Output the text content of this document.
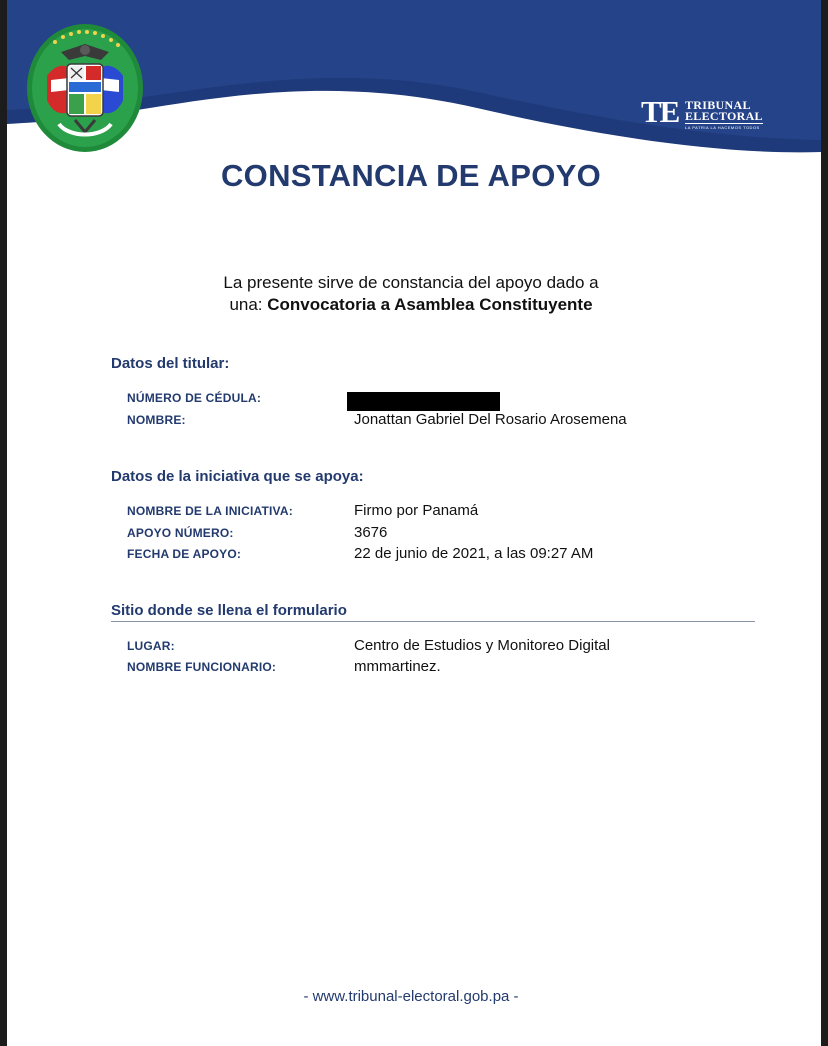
TE TRIBUNAL
ELECTORAL
LA PATRIA LA HACEMOS TODOS
CONSTANCIA DE APOYO
La presente sirve de constancia del apoyo dado a
una: Convocatoria a Asamblea Constituyente
Datos del titular:
NÚMERO DE CÉDULA:
NOMBRE:	Jonattan Gabriel Del Rosario Arosemena
Datos de la iniciativa que se apoya:
NOMBRE DE LA INICIATIVA:	Firmo por Panamá
APOYO NÚMERO:	3676
FECHA DE APOYO:	22 de junio de 2021, a las 09:27 AM
Sitio donde se llena el formulario
LUGAR:	Centro de Estudios y Monitoreo Digital
NOMBRE FUNCIONARIO:	mmmartinez.
- www.tribunal-electoral.gob.pa -
